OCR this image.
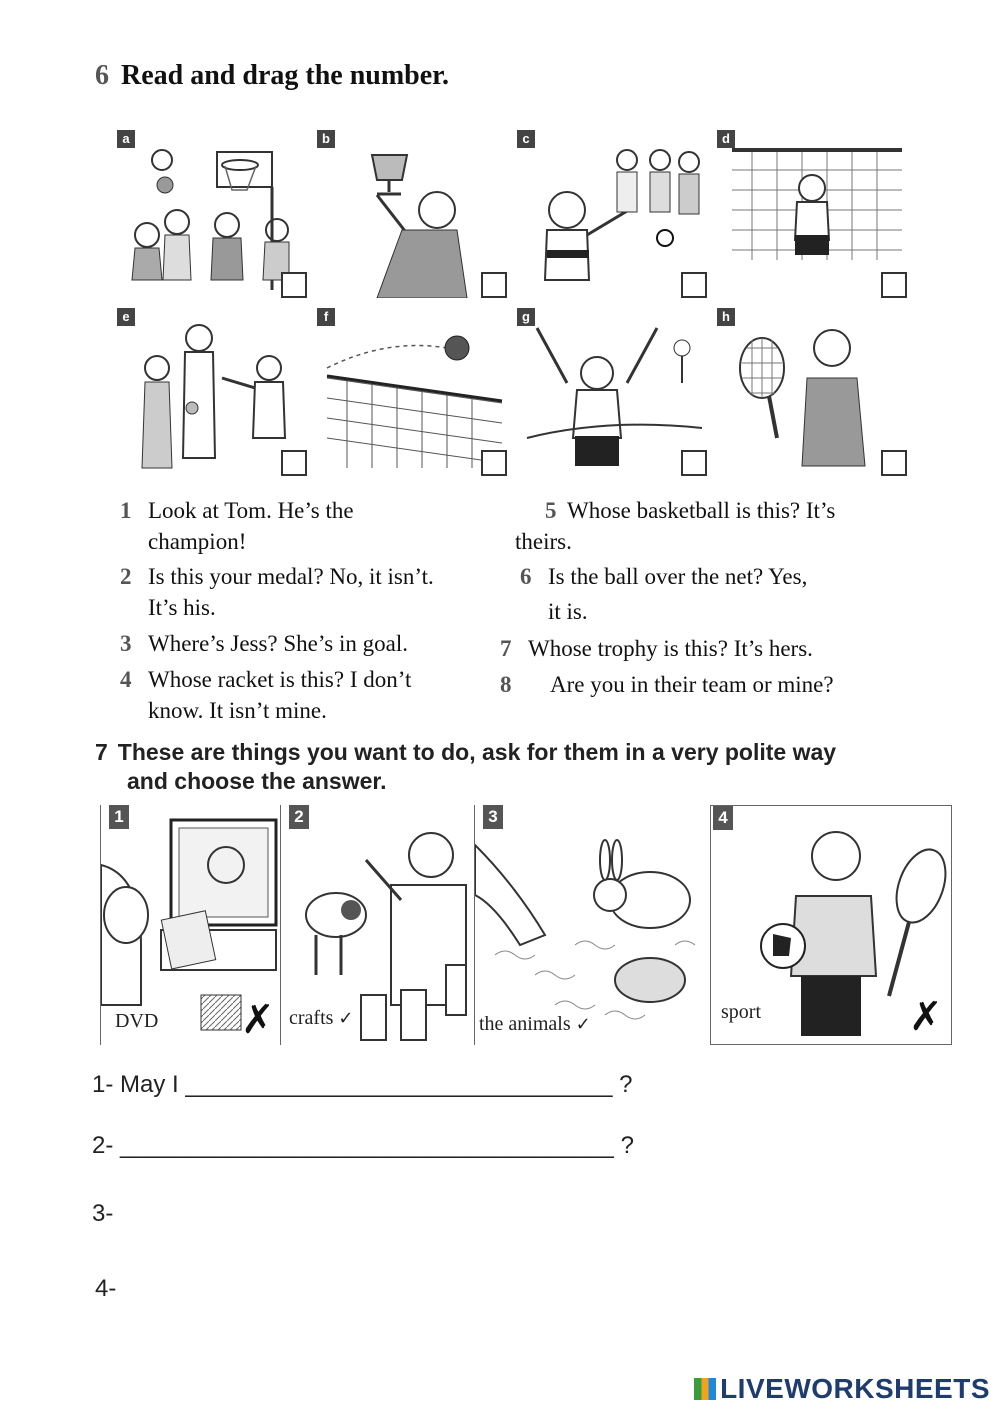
6 Read and drag the number.
a	b	c	d
e	f	g	h
1 Look at Tom. He’s the
champion!
2 Is this your medal? No, it isn’t.
It’s his.
3 Where’s Jess? She’s in goal.
4 Whose racket is this? I don’t
know. It isn’t mine.
5 Whose basketball is this? It’s
theirs.
6 Is the ball over the net? Yes,
it is.
7 Whose trophy is this? It’s hers.
8 Are you in their team or mine?
7 These are things you want to do, ask for them in a very polite way
and choose the answer.
1
DVD ✗
2
crafts ✓
3
the animals ✓
4
sport	✗
1- May I ________________________________ ?
2- _____________________________________ ?
3-
4-
LIVEWORKSHEETS
